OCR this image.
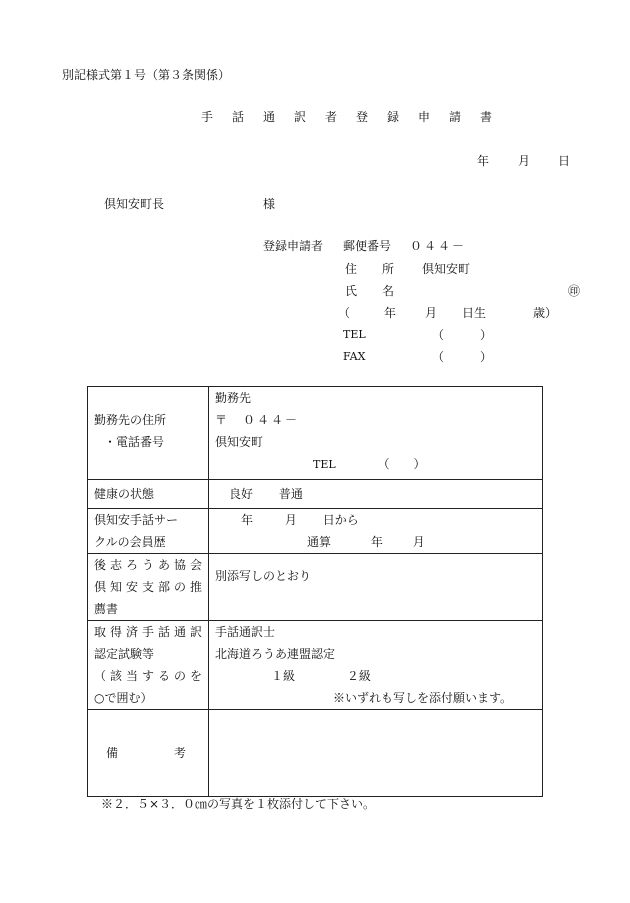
別記様式第１号（第３条関係）
手 話 通 訳 者 登 録 申 請 書
年 月 日
倶知安町長	様
登録申請者 郵便番号 ０４４－
住 所 倶知安町
氏 名	㊞
（	年 月 日生	歳）
TEL	（　　　）
FAX	（　　　）
勤務先の住所
・電話番号	勤務先
〒　０４４－
倶知安町
TEL （　　）

健康の状態	良好 普通

倶知安手話サー
クルの会員歴	年 月 日から
通算 年 月

後志ろうあ協会
倶知安支部の推
薦書	別添写しのとおり

取得済手話通訳
認定試験等
（該当するのを
○で囲む）	手話通訳士
北海道ろうあ連盟認定
１級 ２級
※いずれも写しを添付願います。

備 考	

※２．５×３．０㎝の写真を１枚添付して下さい。
